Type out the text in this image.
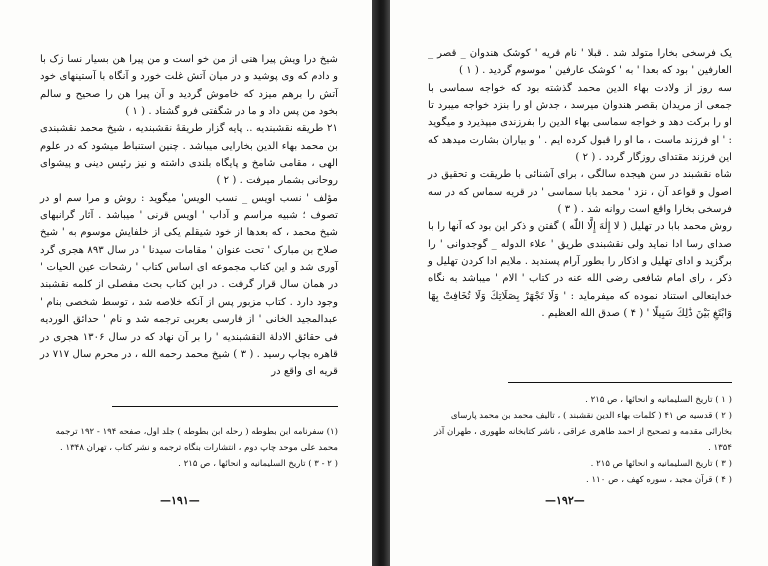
شیخ درا ویش پیرا هنی از من خو است و من پیرا هن بسیار نسا زک با و دادم که وی پوشید و در میان آتش غلت خورد و آنگاه با آستینهای خود آتش را برهم میزد که خاموش گردید و آن پیرا هن را صحیح و سالم بخود من پس داد و ما در شگفتی فرو گشتاد . ( ۱ )

۲۱ طریقه نقشبندیه .. پایه گزار طریقهٔ نقشبندیه ، شیخ محمد نقشبندی بن محمد بهاء الدین بخارایی میباشد . چنین استنباط میشود که در علوم الهی ، مقامی شامخ و پایگاه بلندی داشته و نیز رئیس دینی و پیشوای روحانی بشمار میرفت . ( ۲ )

مؤلف ' نسب اویس _ نسب الویس' میگوید : روش و مرا سم او در تصوف ؛ شبیه مراسم و آداب ' اویس قرنی ' میباشد . آثار گرانبهای شیخ محمد ، که بعدها از خود شیقلم یکی از خلفایش موسوم به ' شیخ صلاح بن مبارک ' تحت عنوان ' مقامات سیدنا ' در سال ۸۹۳ هجری گرد آوری شد و این کتاب مجموعه ای اساس کتاب ' رشحات عین الحیات ' در همان سال قرار گرفت . در این کتاب بحث مفصلی از کلمه نقشبند وجود دارد . کتاب مزبور پس از آنکه خلاصه شد ، توسط شخصی بنام ' عبدالمجید الخانی ' از فارسی بعربی ترجمه شد و نام ' حدائق الوردیه فی حقائق الادلة النقشبندیه ' را بر آن نهاد که در سال ۱۳۰۶ هجری در قاهره بچاپ رسید . ( ۳ ) شیخ محمد رحمه الله ، در محرم سال ۷۱۷ در قریه ای واقع در

(۱) سفرنامه ابن بطوطه ( رحله ابن بطوطه ) جلد اول، صفحه ۱۹۴ - ۱۹۲ ترجمه محمد علی موحد چاپ دوم ، انتشارات بنگاه ترجمه و نشر کتاب ، تهران ۱۳۴۸ .

( ۲ - ۳ ) تاریخ السلیمانیه و انحائها ، ص ۲۱۵ .

—۱۹۱—

یک فرسخی بخارا متولد شد . قبلا ' نام قریه ' کوشک هندوان _ قصر _ العارفین ' بود که بعدا ' به ' کوشک عارفین ' موسوم گردید . ( ۱ )

سه روز از ولادت بهاء الدین محمد گذشته بود که خواجه سماسی با جمعی از مریدان بقصر هندوان میرسد ، جدش او را بنزد خواجه میبرد تا او را برکت دهد و خواجه سماسی بهاء الدین را بفرزندی میپذیرد و میگوید : ' او فرزند ماست ، ما او را قبول کرده ایم . ' و بیاران بشارت میدهد که این فرزند مقتدای روزگار گردد . ( ۲ )

شاه نقشبند در سن هیجده سالگی ، برای آشنائی با طریقت و تحقیق در اصول و قواعد آن ، نزد ' محمد بابا سماسی ' در قریه سماس که در سه فرسخی بخارا واقع است روانه شد . ( ۳ )

روش محمد بابا در تهلیل ( لا إِلٰهَ إِلَّا اللّٰه ) گفتن و ذکر این بود که آنها را با صدای رسا ادا نماید ولی نقشبندی طریق ' علاء الدوله _ گوجدوانی ' را برگزید و ادای تهلیل و اذکار را بطور آرام پسندید . ملایم ادا کردن تهلیل و ذکر ، رای امام شافعی رضی الله عنه در کتاب ' الام ' میباشد به نگاه خدایتعالی استناد نموده که میفرماید : ' وَلَا تَجْهَرْ بِصَلَاتِكَ وَلَا تُخَافِتْ بِهَا وَابْتَغِ بَيْنَ ذَٰلِكَ سَبِيلًا ' ( ۴ ) صدق الله العظیم .

( ۱ ) تاریخ السلیمانیه و انحائها ، ص ۲۱۵ .

( ۲ ) قدسیه ص ۴۱ ( کلمات بهاء الدین نقشبند ) ، تالیف محمد بن محمد پارسای بخارائی مقدمه و تصحیح از احمد طاهری عراقی ، ناشر کتابخانه طهوری ، طهران آذر ۱۳۵۴ .

( ۳ ) تاریخ السلیمانیه و انحائها ص ۲۱۵ .

( ۴ ) قرآن مجید ، سوره کهف ، ص ۱۱۰ .

—۱۹۲—
